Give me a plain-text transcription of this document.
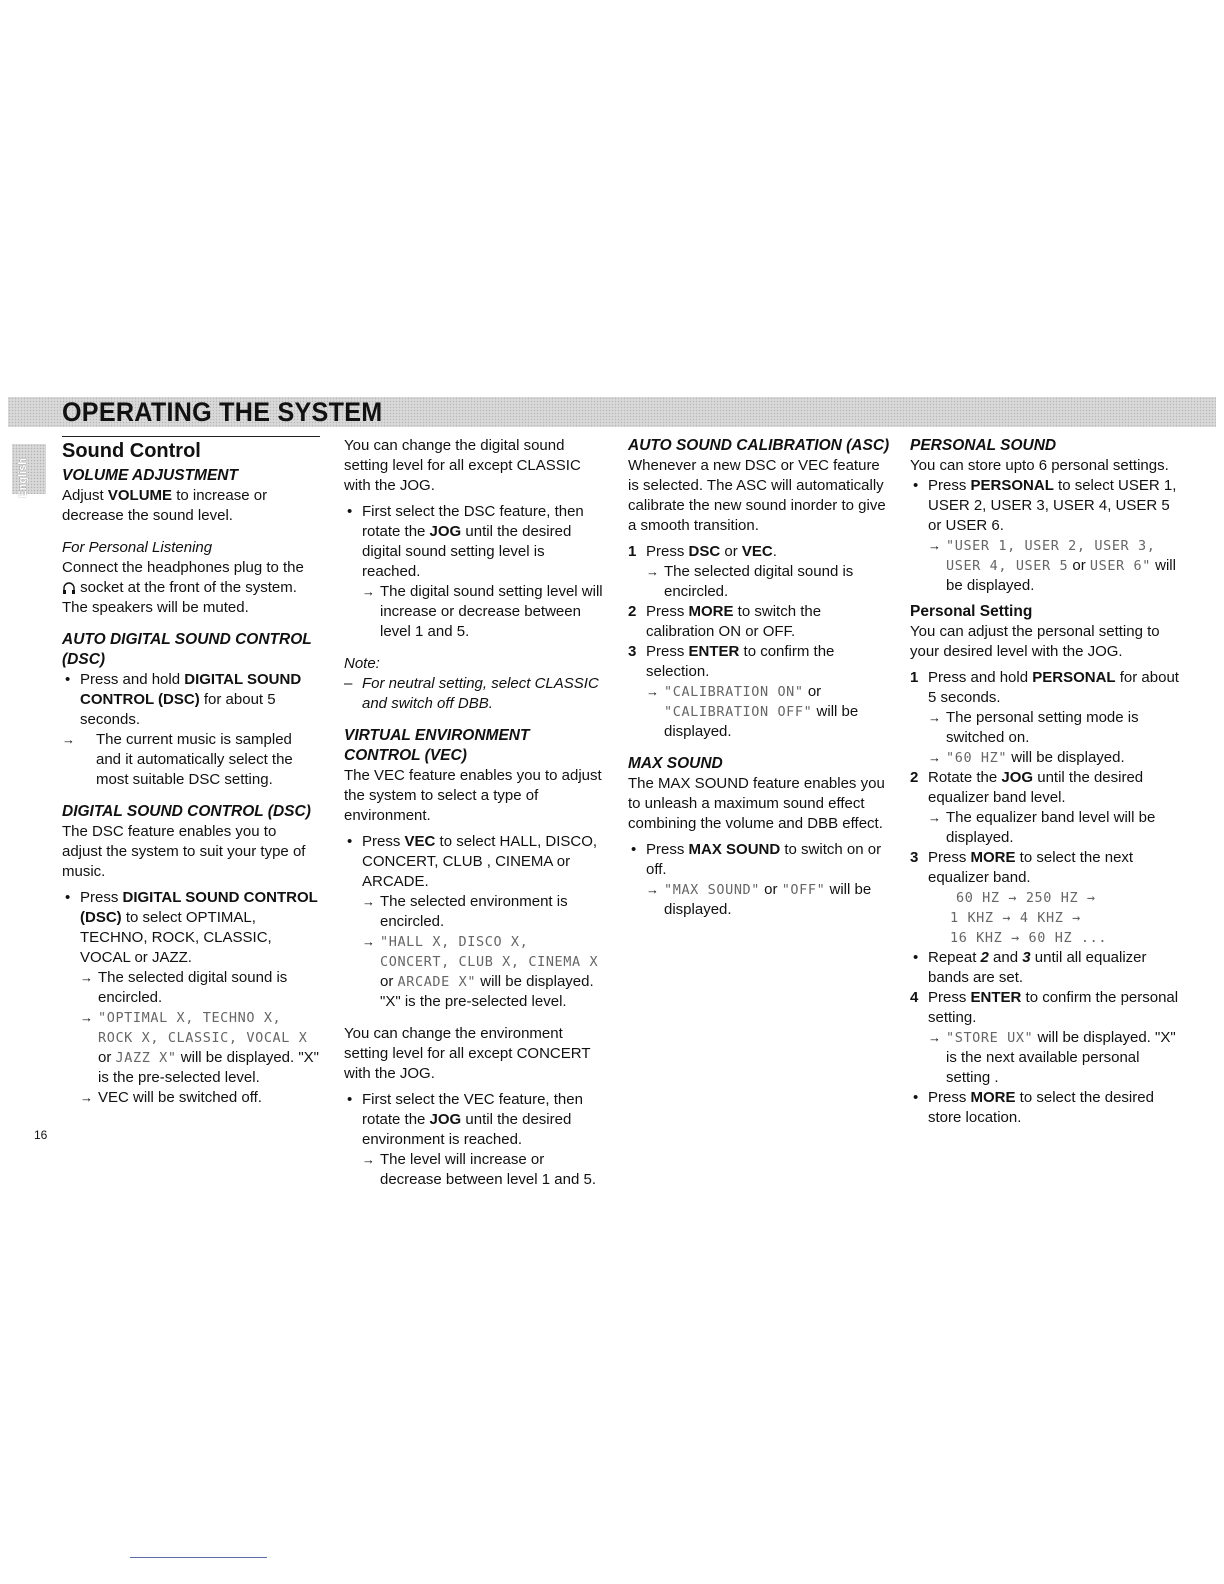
OPERATING THE SYSTEM
English

Sound Control

VOLUME ADJUSTMENT

Adjust VOLUME to increase or decrease the sound level.

For Personal Listening

Connect the headphones plug to the  socket at the front of the system. The speakers will be muted.

AUTO DIGITAL SOUND CONTROL (DSC)

• Press and hold DIGITAL SOUND CONTROL (DSC) for about 5 seconds.

→ The current music is sampled and it automatically select the most suitable DSC setting.

DIGITAL SOUND CONTROL (DSC)

The DSC feature enables you to adjust the system to suit your type of music.

• Press DIGITAL SOUND CONTROL (DSC) to select OPTIMAL, TECHNO, ROCK, CLASSIC, VOCAL or JAZZ.

→ The selected digital sound is encircled.

→ "OPTIMAL X, TECHNO X, ROCK X, CLASSIC, VOCAL X or JAZZ X" will be displayed. "X" is the pre-selected level.

→ VEC will be switched off.

You can change the digital sound setting level for all except CLASSIC with the JOG.

• First select the DSC feature, then rotate the JOG until the desired digital sound setting level is reached.

→ The digital sound setting level will increase or decrease between level 1 and 5.

Note:

– For neutral setting, select CLASSIC and switch off DBB.

VIRTUAL ENVIRONMENT CONTROL (VEC)

The VEC feature enables you to adjust the system to select a type of environment.

• Press VEC to select HALL, DISCO, CONCERT, CLUB , CINEMA or ARCADE.

→ The selected environment is encircled.

→ "HALL X, DISCO X, CONCERT, CLUB X, CINEMA X or ARCADE X" will be displayed. "X" is the pre-selected level.

You can change the environment setting level for all except CONCERT with the JOG.

• First select the VEC feature, then rotate the JOG until the desired environment is reached.

→ The level will increase or decrease between level 1 and 5.

AUTO SOUND CALIBRATION (ASC)

Whenever a new DSC or VEC feature is selected. The ASC will automatically calibrate the new sound inorder to give a smooth transition.

1 Press DSC or VEC.

→ The selected digital sound is encircled.

2 Press MORE to switch the calibration ON or OFF.

3 Press ENTER to confirm the selection.

→ "CALIBRATION ON" or "CALIBRATION OFF" will be displayed.

MAX SOUND

The MAX SOUND feature enables you to unleash a maximum sound effect combining the volume and DBB effect.

• Press MAX SOUND to switch on or off.

→ "MAX SOUND" or "OFF" will be displayed.

PERSONAL SOUND

You can store upto 6 personal settings.

• Press PERSONAL to select USER 1, USER 2, USER 3, USER 4, USER 5 or USER 6.

→ "USER 1, USER 2, USER 3, USER 4, USER 5 or USER 6" will be displayed.

Personal Setting

You can adjust the personal setting to your desired level with the JOG.

1 Press and hold PERSONAL for about 5 seconds.

→ The personal setting mode is switched on.

→ "60 HZ" will be displayed.

2 Rotate the JOG until the desired equalizer band level.

→ The equalizer band level will be displayed.

3 Press MORE to select the next equalizer band.

60 HZ → 250 HZ →

1 KHZ → 4 KHZ →

16 KHZ → 60 HZ ...

• Repeat 2 and 3 until all equalizer bands are set.

4 Press ENTER to confirm the personal setting.

→ "STORE UX" will be displayed. "X" is the next available personal setting .

• Press MORE to select the desired store location.

16
